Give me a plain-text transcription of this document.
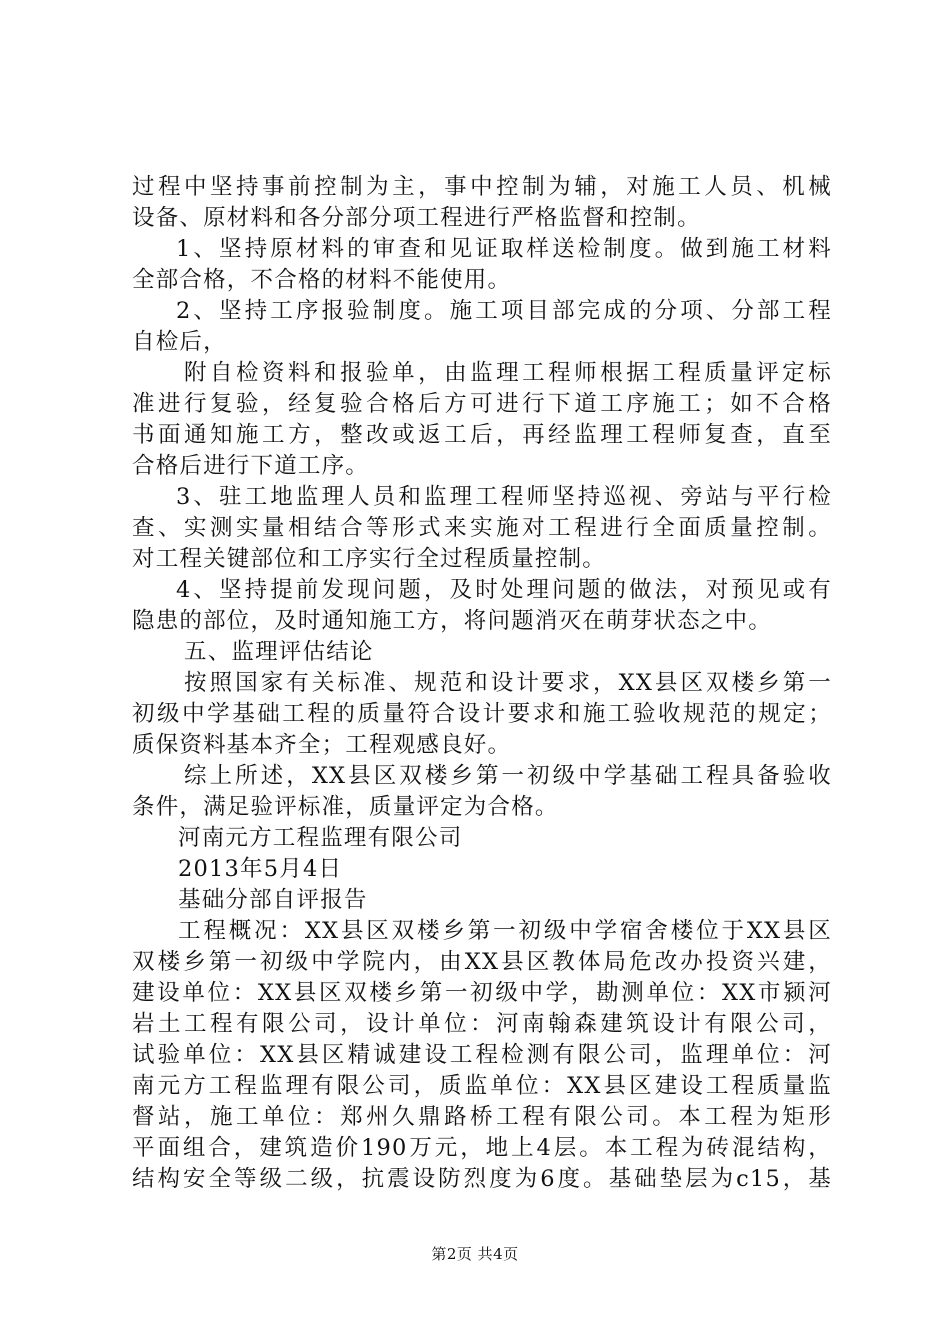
过程中坚持事前控制为主，事中控制为辅，对施工人员、机械
设备、原材料和各分部分项工程进行严格监督和控制。
1、坚持原材料的审查和见证取样送检制度。做到施工材料
全部合格，不合格的材料不能使用。
2、坚持工序报验制度。施工项目部完成的分项、分部工程
自检后，
附自检资料和报验单，由监理工程师根据工程质量评定标
准进行复验，经复验合格后方可进行下道工序施工；如不合格
书面通知施工方，整改或返工后，再经监理工程师复查，直至
合格后进行下道工序。
3、驻工地监理人员和监理工程师坚持巡视、旁站与平行检
查、实测实量相结合等形式来实施对工程进行全面质量控制。
对工程关键部位和工序实行全过程质量控制。
4、坚持提前发现问题，及时处理问题的做法，对预见或有
隐患的部位，及时通知施工方，将问题消灭在萌芽状态之中。
五、监理评估结论
按照国家有关标准、规范和设计要求，XX县区双楼乡第一
初级中学基础工程的质量符合设计要求和施工验收规范的规定；
质保资料基本齐全；工程观感良好。
综上所述，XX县区双楼乡第一初级中学基础工程具备验收
条件，满足验评标准，质量评定为合格。
河南元方工程监理有限公司
2013年5月4日
基础分部自评报告
工程概况：XX县区双楼乡第一初级中学宿舍楼位于XX县区
双楼乡第一初级中学院内，由XX县区教体局危改办投资兴建，
建设单位：XX县区双楼乡第一初级中学，勘测单位：XX市颍河
岩土工程有限公司，设计单位：河南翰森建筑设计有限公司，
试验单位：XX县区精诚建设工程检测有限公司，监理单位：河
南元方工程监理有限公司，质监单位：XX县区建设工程质量监
督站，施工单位：郑州久鼎路桥工程有限公司。本工程为矩形
平面组合，建筑造价190万元，地上4层。本工程为砖混结构，
结构安全等级二级，抗震设防烈度为6度。基础垫层为c15，基
第2页 共4页
